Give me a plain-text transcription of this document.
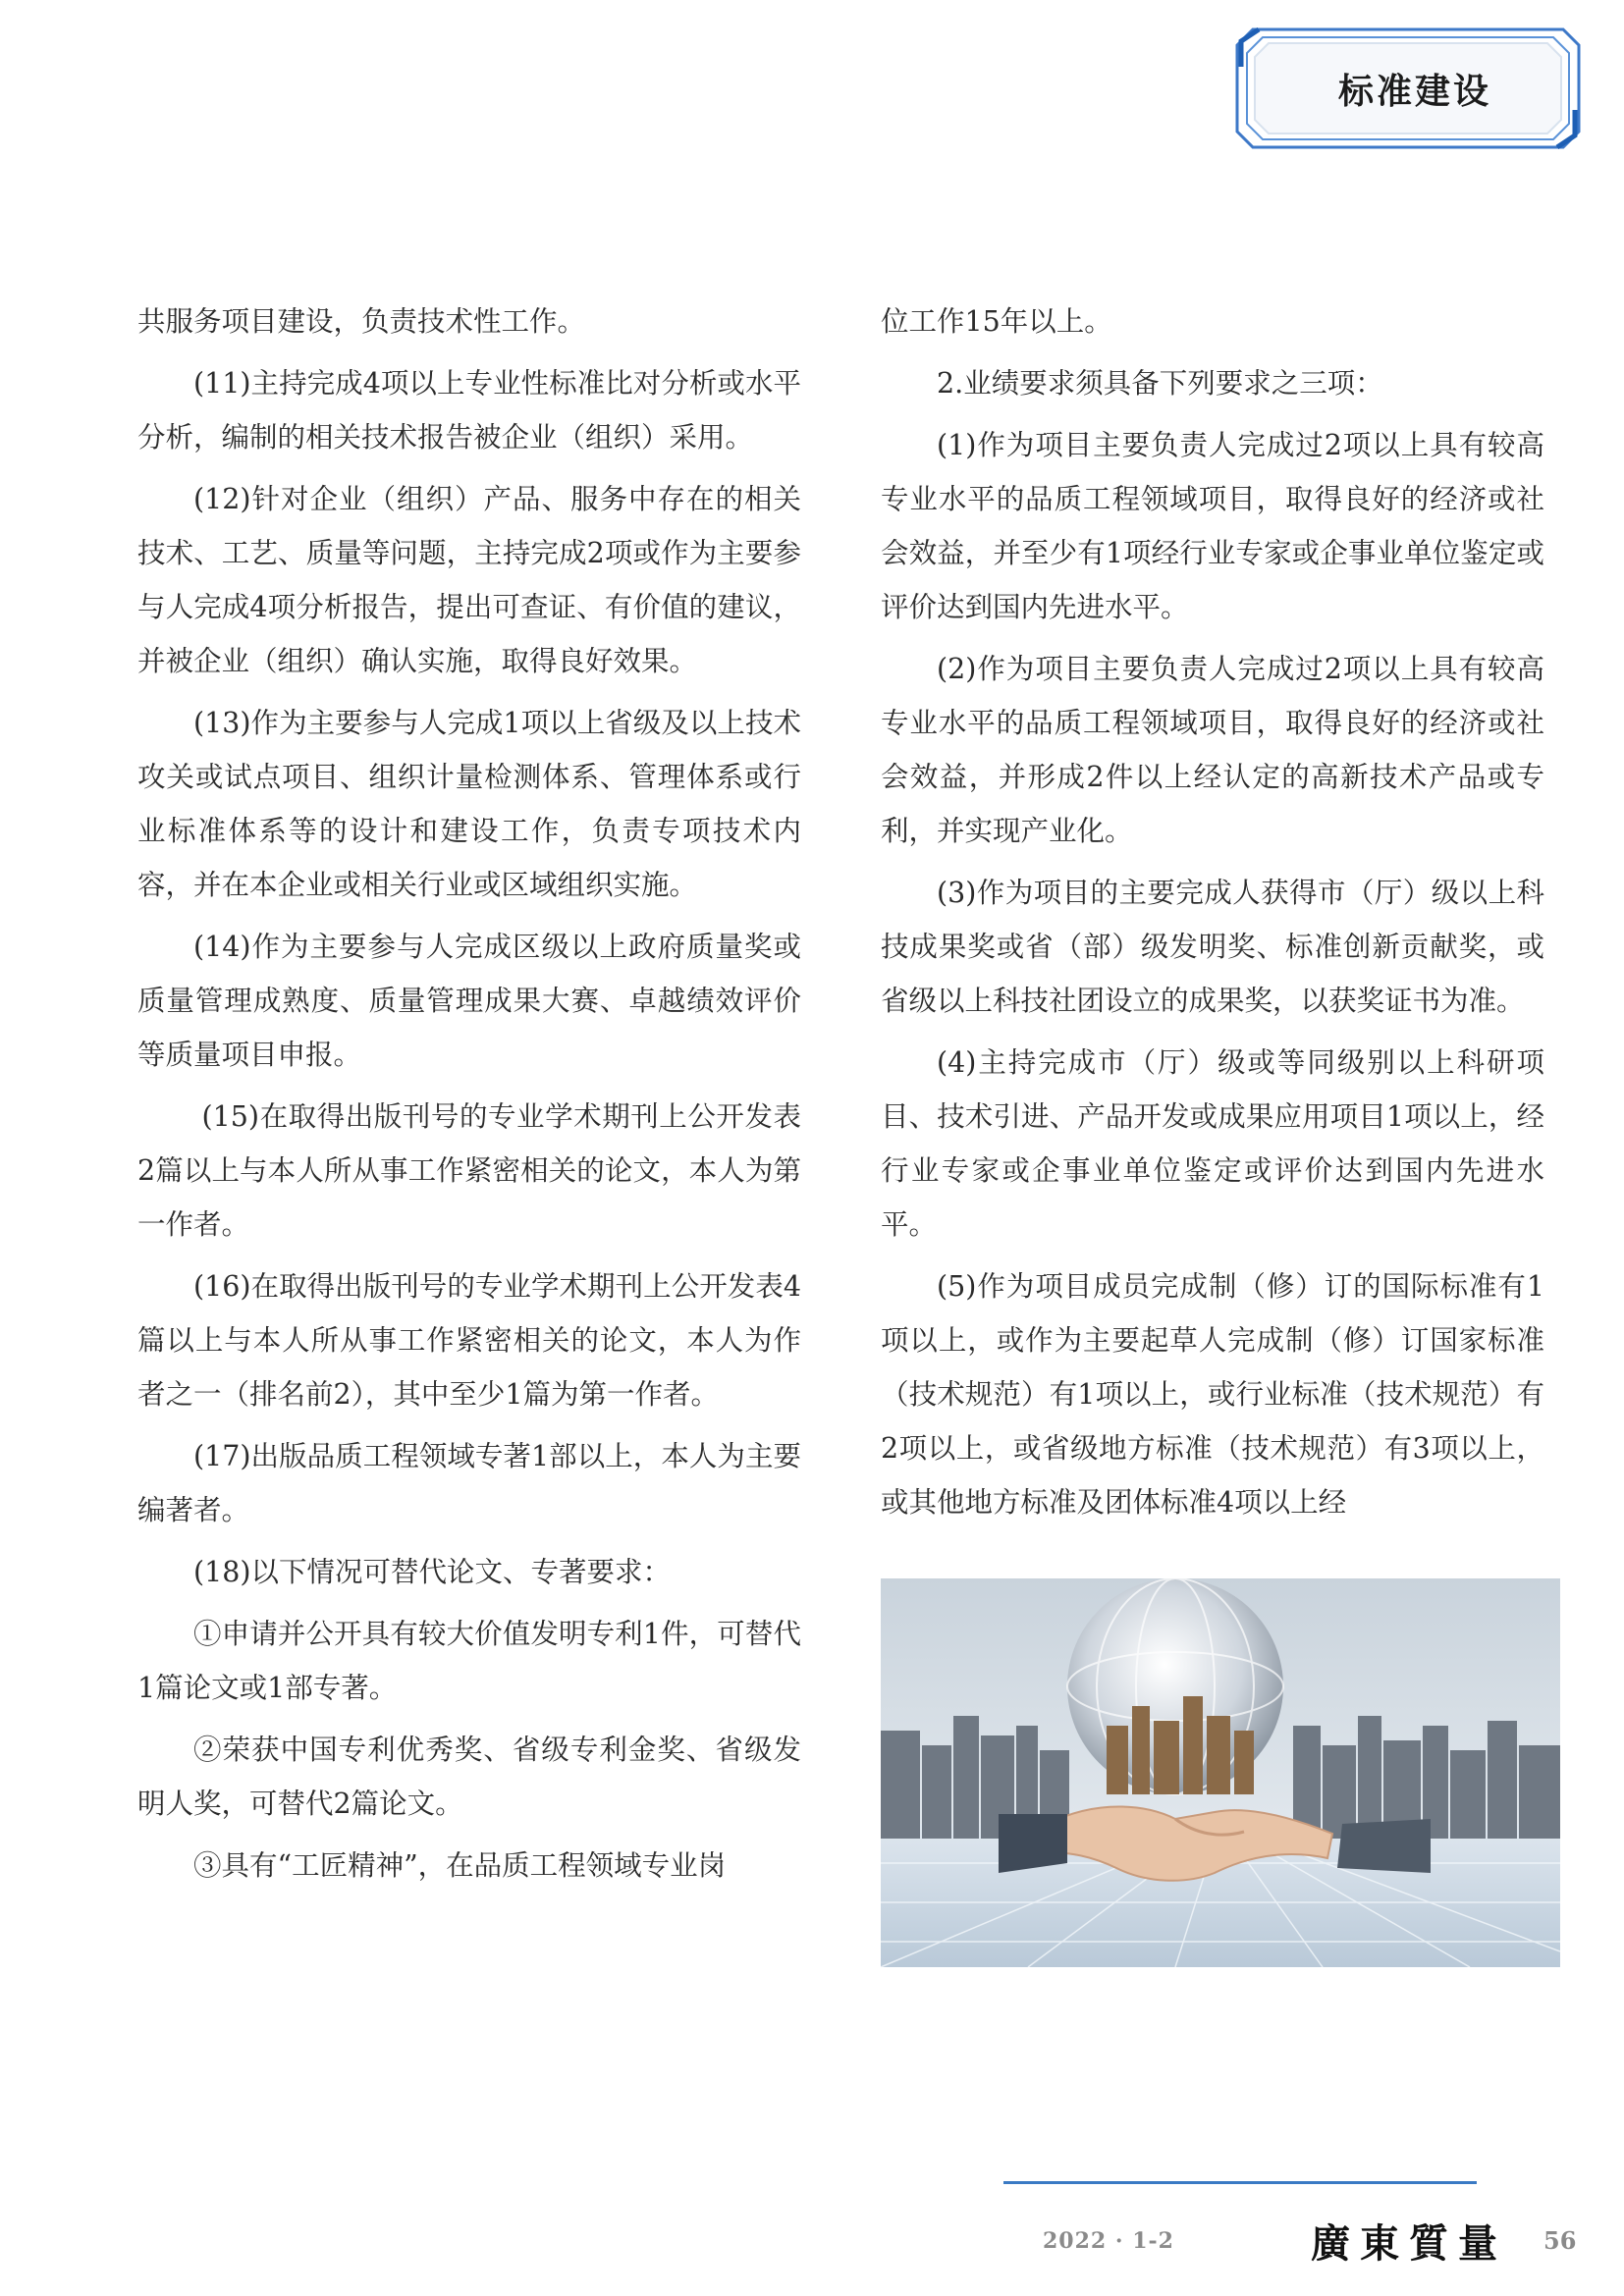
标准建设

共服务项目建设，负责技术性工作。

(11)主持完成4项以上专业性标准比对分析或水平分析，编制的相关技术报告被企业（组织）采用。

(12)针对企业（组织）产品、服务中存在的相关技术、工艺、质量等问题，主持完成2项或作为主要参与人完成4项分析报告，提出可查证、有价值的建议，并被企业（组织）确认实施，取得良好效果。

(13)作为主要参与人完成1项以上省级及以上技术攻关或试点项目、组织计量检测体系、管理体系或行业标准体系等的设计和建设工作，负责专项技术内容，并在本企业或相关行业或区域组织实施。

(14)作为主要参与人完成区级以上政府质量奖或质量管理成熟度、质量管理成果大赛、卓越绩效评价等质量项目申报。

(15)在取得出版刊号的专业学术期刊上公开发表2篇以上与本人所从事工作紧密相关的论文，本人为第一作者。

(16)在取得出版刊号的专业学术期刊上公开发表4篇以上与本人所从事工作紧密相关的论文，本人为作者之一（排名前2），其中至少1篇为第一作者。

(17)出版品质工程领域专著1部以上，本人为主要编著者。

(18)以下情况可替代论文、专著要求：

①申请并公开具有较大价值发明专利1件，可替代1篇论文或1部专著。

②荣获中国专利优秀奖、省级专利金奖、省级发明人奖，可替代2篇论文。

③具有“工匠精神”，在品质工程领域专业岗

位工作15年以上。

2.业绩要求须具备下列要求之三项：

(1)作为项目主要负责人完成过2项以上具有较高专业水平的品质工程领域项目，取得良好的经济或社会效益，并至少有1项经行业专家或企事业单位鉴定或评价达到国内先进水平。

(2)作为项目主要负责人完成过2项以上具有较高专业水平的品质工程领域项目，取得良好的经济或社会效益，并形成2件以上经认定的高新技术产品或专利，并实现产业化。

(3)作为项目的主要完成人获得市（厅）级以上科技成果奖或省（部）级发明奖、标准创新贡献奖，或省级以上科技社团设立的成果奖，以获奖证书为准。

(4)主持完成市（厅）级或等同级别以上科研项目、技术引进、产品开发或成果应用项目1项以上，经行业专家或企事业单位鉴定或评价达到国内先进水平。

(5)作为项目成员完成制（修）订的国际标准有1项以上，或作为主要起草人完成制（修）订国家标准（技术规范）有1项以上，或行业标准（技术规范）有2项以上，或省级地方标准（技术规范）有3项以上，或其他地方标准及团体标准4项以上经

2022 · 1-2	廣東質量 56
